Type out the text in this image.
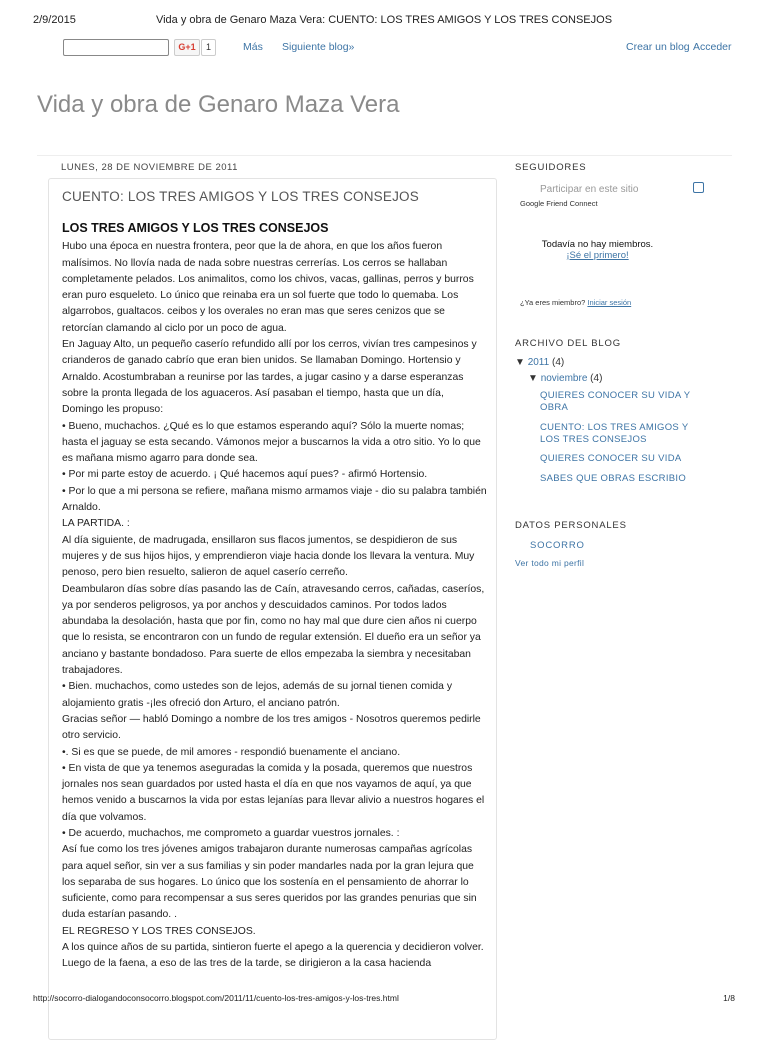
2/9/2015	Vida y obra de Genaro Maza Vera: CUENTO: LOS TRES AMIGOS Y LOS TRES CONSEJOS
G+1	1	Más Siguiente blog»	Crear un blog Acceder
Vida y obra de Genaro Maza Vera
LUNES, 28 DE NOVIEMBRE DE 2011
CUENTO: LOS TRES AMIGOS Y LOS TRES CONSEJOS
LOS TRES AMIGOS Y LOS TRES CONSEJOS

Hubo una época en nuestra frontera, peor que la de ahora, en que los años fueron malísimos. No llovía nada de nada sobre nuestras cerrerías. Los cerros se hallaban completamente pelados. Los animalitos, como los chivos, vacas, gallinas, perros y burros eran puro esqueleto. Lo único que reinaba era un sol fuerte que todo lo quemaba. Los algarrobos, gualtacos. ceibos y los overales no eran mas que seres cenizos que se retorcían clamando al ciclo por un poco de agua.

En Jaguay Alto, un pequeño caserío refundido allí por los cerros, vivían tres campesinos y crianderos de ganado cabrío que eran bien unidos. Se llamaban Domingo. Hortensio y Arnaldo. Acostumbraban a reunirse por las tardes, a jugar casino y a darse esperanzas sobre la pronta llegada de los aguaceros. Así pasaban el tiempo, hasta que un día, Domingo les propuso:

• Bueno, muchachos. ¿Qué es lo que estamos esperando aquí? Sólo la muerte nomas; hasta el jaguay se esta secando. Vámonos mejor a buscarnos la vida a otro sitio. Yo lo que es mañana mismo agarro para donde sea.

• Por mi parte estoy de acuerdo. ¡ Qué hacemos aquí pues? - afirmó Hortensio.

• Por lo que a mi persona se refiere, mañana mismo armamos viaje - dio su palabra también Arnaldo.

LA PARTIDA. :

Al día siguiente, de madrugada, ensillaron sus flacos jumentos, se despidieron de sus mujeres y de sus hijos hijos, y emprendieron viaje hacia donde los llevara la ventura. Muy penoso, pero bien resuelto, salieron de aquel caserío cerreño.

Deambularon días sobre días pasando las de Caín, atravesando cerros, cañadas, caseríos, ya por senderos peligrosos, ya por anchos y descuidados caminos. Por todos lados abundaba la desolación, hasta que por fin, como no hay mal que dure cien años ni cuerpo que lo resista, se encontraron con un fundo de regular extensión. El dueño era un señor ya anciano y bastante bondadoso. Para suerte de ellos empezaba la siembra y necesitaban trabajadores.

• Bien. muchachos, como ustedes son de lejos, además de su jornal tienen comida y alojamiento gratis -¡les ofreció don Arturo, el anciano patrón.

Gracias señor — habló Domingo a nombre de los tres amigos - Nosotros queremos pedirle otro servicio.

•. Si es que se puede, de mil amores - respondió buenamente el anciano.

• En vista de que ya tenemos aseguradas la comida y la posada, queremos que nuestros jornales nos sean guardados por usted hasta el día en que nos vayamos de aquí, ya que hemos venido a buscarnos la vida por estas lejanías para llevar alivio a nuestros hogares el día que volvamos.

• De acuerdo, muchachos, me comprometo a guardar vuestros jornales. :

Así fue como los tres jóvenes amigos trabajaron durante numerosas campañas agrícolas para aquel señor, sin ver a sus familias y sin poder mandarles nada por la gran lejura que los separaba de sus hogares. Lo único que los sostenía en el pensamiento de ahorrar lo suficiente, como para recompensar a sus seres queridos por las grandes penurias que sin duda estarían pasando. .

EL REGRESO Y LOS TRES CONSEJOS.

A los quince años de su partida, sintieron fuerte el apego a la querencia y decidieron volver. Luego de la faena, a eso de las tres de la tarde, se dirigieron a la casa hacienda

SEGUIDORES
Participar en este sitio
Google Friend Connect
Todavía no hay miembros.
¡Sé el primero!
¿Ya eres miembro? Iniciar sesión
ARCHIVO DEL BLOG
▼ 2011 (4)
▼ noviembre (4)
QUIERES CONOCER SU VIDA Y OBRA
CUENTO: LOS TRES AMIGOS Y LOS TRES CONSEJOS
QUIERES CONOCER SU VIDA
SABES QUE OBRAS ESCRIBIO
DATOS PERSONALES
SOCORRO
Ver todo mi perfil
http://socorro-dialogandoconsocorro.blogspot.com/2011/11/cuento-los-tres-amigos-y-los-tres.html	1/8
